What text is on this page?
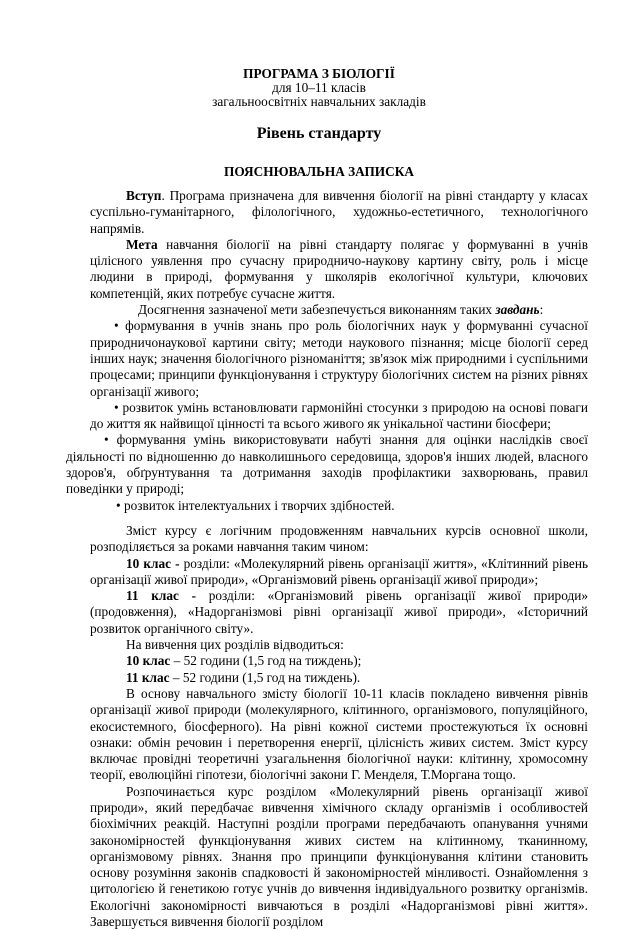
ПРОГРАМА З БІОЛОГІЇ
для 10–11 класів
загальноосвітніх навчальних закладів
Рівень стандарту
ПОЯСНЮВАЛЬНА ЗАПИСКА

Вступ. Програма призначена для вивчення біології на рівні стандарту у класах суспільно-гуманітарного, філологічного, художньо-естетичного, технологічного напрямів.

Мета навчання біології на рівні стандарту полягає у формуванні в учнів цілісного уявлення про сучасну природничо-наукову картину світу, роль і місце людини в природі, формування у школярів екологічної культури, ключових компетенцій, яких потребує сучасне життя.

Досягнення зазначеної мети забезпечується виконанням таких завдань:

• формування в учнів знань про роль біологічних наук у формуванні сучасної природничонаукової картини світу; методи наукового пізнання; місце біології серед інших наук; значення біологічного різноманіття; зв'язок між природними і суспільними процесами; принципи функціонування і структуру біологічних систем на різних рівнях організації живого;

• розвиток умінь встановлювати гармонійні стосунки з природою на основі поваги до життя як найвищої цінності та всього живого як унікальної частини біосфери;

• формування умінь використовувати набуті знання для оцінки наслідків своєї діяльності по відношенню до навколишнього середовища, здоров'я інших людей, власного здоров'я, обґрунтування та дотримання заходів профілактики захворювань, правил поведінки у природі;

• розвиток інтелектуальних і творчих здібностей.

Зміст курсу є логічним продовженням навчальних курсів основної школи, розподіляється за роками навчання таким чином:

10 клас - розділи: «Молекулярний рівень організації життя», «Клітинний рівень організації живої природи», «Організмовий рівень організації живої природи»;

11 клас - розділи: «Організмовий рівень організації живої природи» (продовження), «Надорганізмові рівні організації живої природи», «Історичний розвиток органічного світу».

На вивчення цих розділів відводиться:

10 клас – 52 години (1,5 год на тиждень);

11 клас – 52 години (1,5 год на тиждень).

В основу навчального змісту біології 10-11 класів покладено вивчення рівнів організації живої природи (молекулярного, клітинного, організмового, популяційного, екосистемного, біосферного). На рівні кожної системи простежуються їх основні ознаки: обмін речовин і перетворення енергії, цілісність живих систем. Зміст курсу включає провідні теоретичні узагальнення біологічної науки: клітинну, хромосомну теорії, еволюційні гіпотези, біологічні закони Г. Менделя, Т.Моргана тощо.

Розпочинається курс розділом «Молекулярний рівень організації живої природи», який передбачає вивчення хімічного складу організмів і особливостей біохімічних реакцій. Наступні розділи програми передбачають опанування учнями закономірностей функціонування живих систем на клітинному, тканинному, організмовому рівнях. Знання про принципи функціонування клітини становить основу розуміння законів спадковості й закономірностей мінливості. Ознайомлення з цитологією й генетикою готує учнів до вивчення індивідуального розвитку організмів. Екологічні закономірності вивчаються в розділі «Надорганізмові рівні життя». Завершується вивчення біології розділом
